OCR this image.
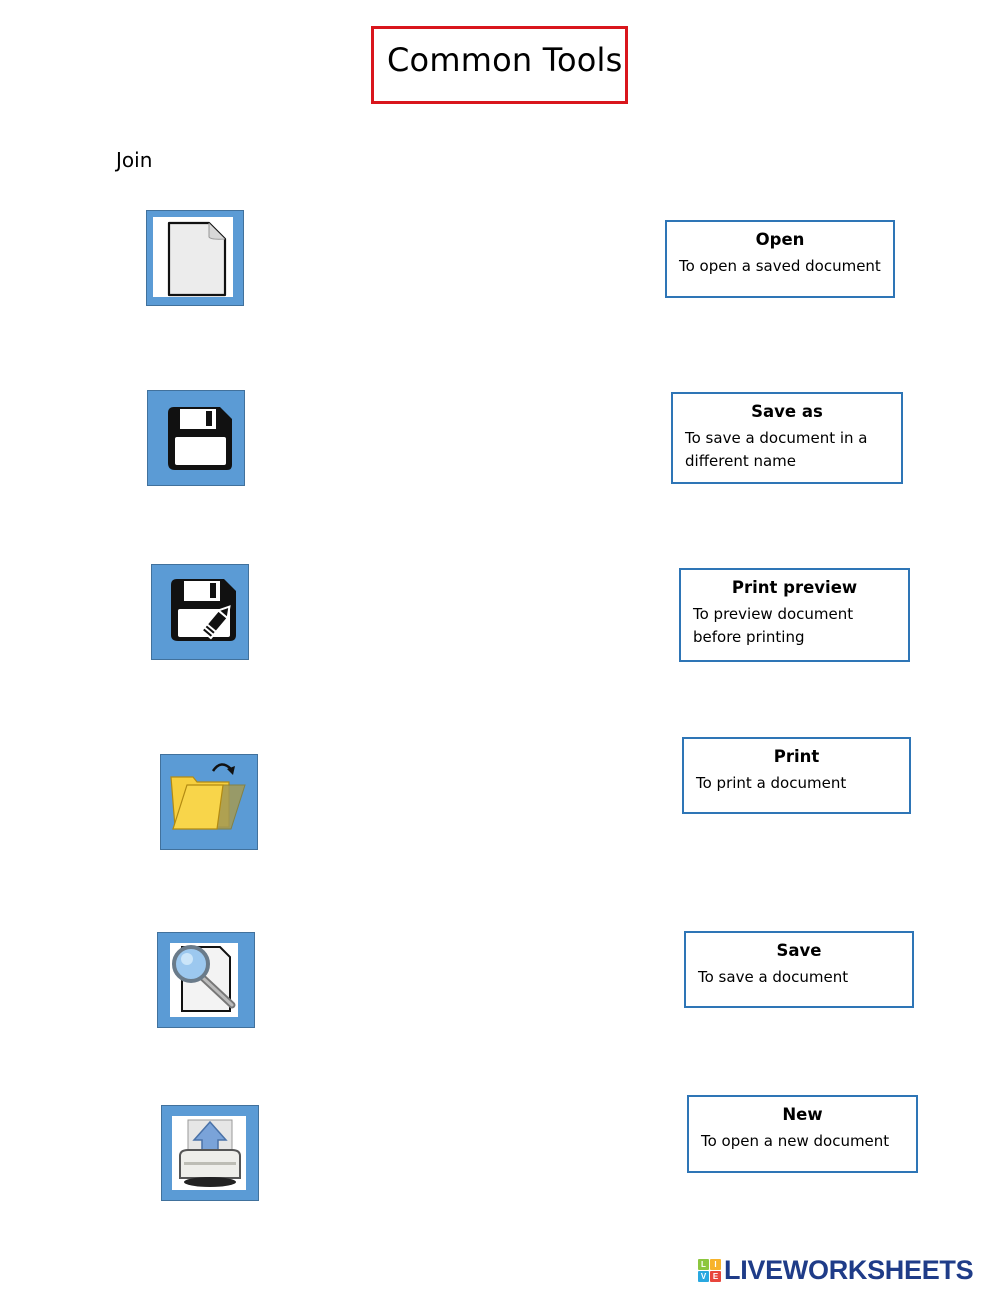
Common Tools
Join
Open
To open a saved document
Save as
To save a document in a different name
Print preview
To preview document before printing
Print
To print a document
Save
To save a document
New
To open a new document
L	I
V E LIVEWORKSHEETS
